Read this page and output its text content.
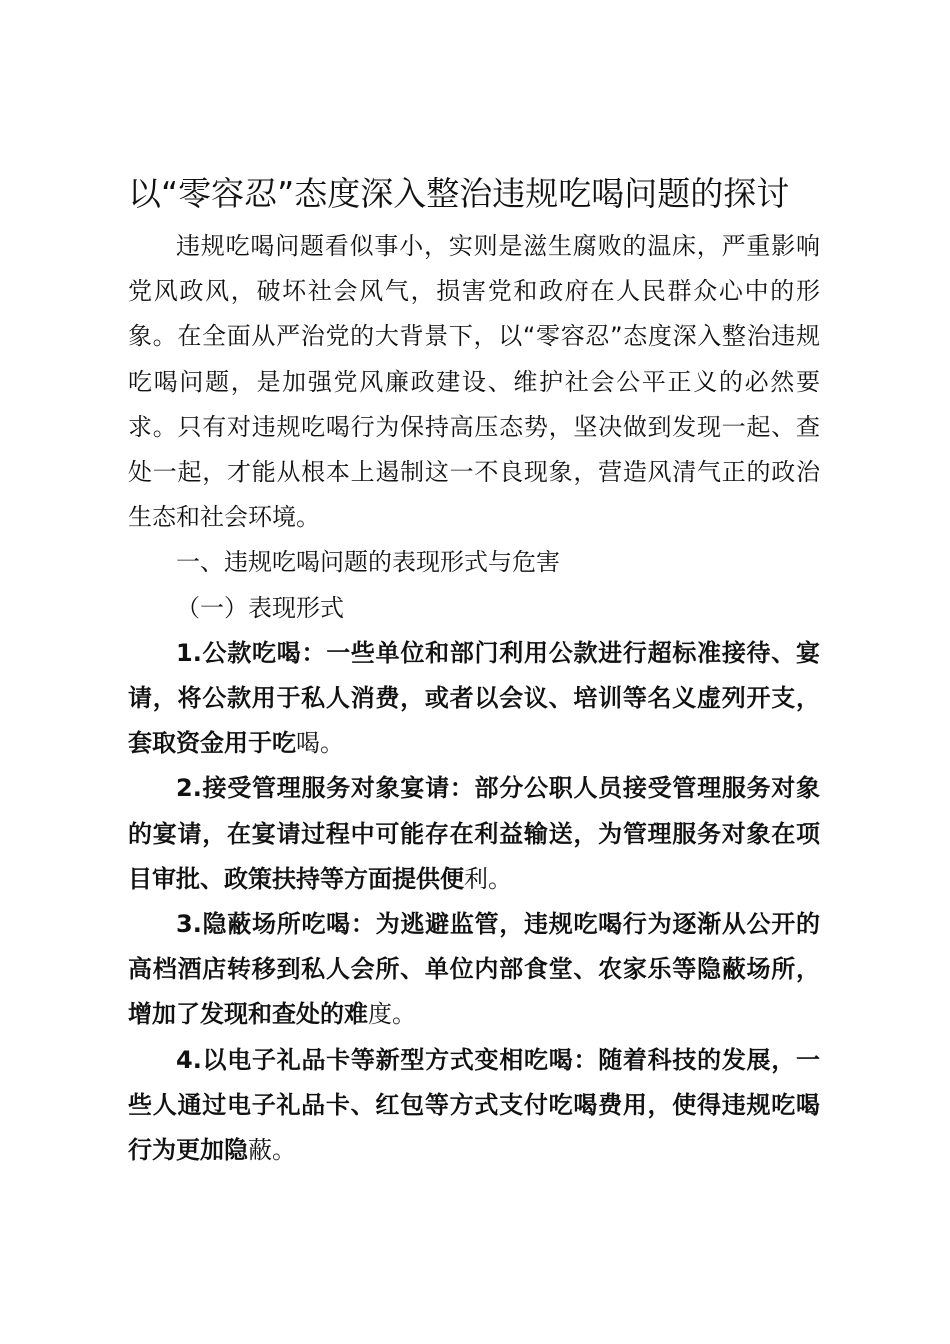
以“零容忍”态度深入整治违规吃喝问题的探讨

违规吃喝问题看似事小，实则是滋生腐败的温床，严重影响党风政风，破坏社会风气，损害党和政府在人民群众心中的形象。在全面从严治党的大背景下，以“零容忍”态度深入整治违规吃喝问题，是加强党风廉政建设、维护社会公平正义的必然要求。只有对违规吃喝行为保持高压态势，坚决做到发现一起、查处一起，才能从根本上遏制这一不良现象，营造风清气正的政治生态和社会环境。

一、违规吃喝问题的表现形式与危害

（一）表现形式

1.公款吃喝：一些单位和部门利用公款进行超标准接待、宴请，将公款用于私人消费，或者以会议、培训等名义虚列开支，套取资金用于吃喝。

2.接受管理服务对象宴请：部分公职人员接受管理服务对象的宴请，在宴请过程中可能存在利益输送，为管理服务对象在项目审批、政策扶持等方面提供便利。

3.隐蔽场所吃喝：为逃避监管，违规吃喝行为逐渐从公开的高档酒店转移到私人会所、单位内部食堂、农家乐等隐蔽场所，增加了发现和查处的难度。

4.以电子礼品卡等新型方式变相吃喝：随着科技的发展，一些人通过电子礼品卡、红包等方式支付吃喝费用，使得违规吃喝行为更加隐蔽。
